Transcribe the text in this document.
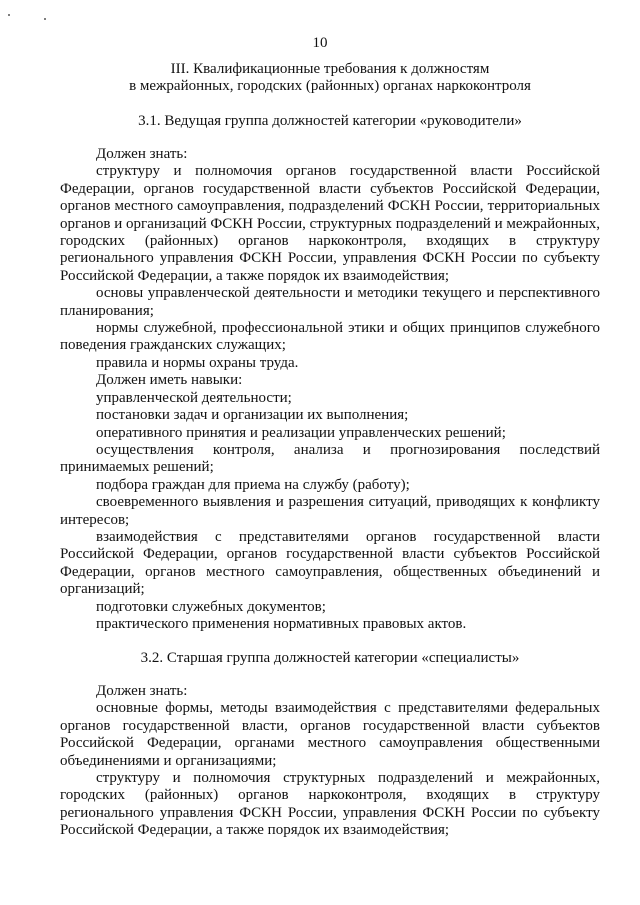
10
III. Квалификационные требования к должностям
в межрайонных, городских (районных) органах наркоконтроля
3.1. Ведущая группа должностей категории «руководители»

Должен знать:

структуру и полномочия органов государственной власти Российской Федерации, органов государственной власти субъектов Российской Федерации, органов местного самоуправления, подразделений ФСКН России, территориальных органов и организаций ФСКН России, структурных подразделений и межрайонных, городских (районных) органов наркоконтроля, входящих в структуру регионального управления ФСКН России, управления ФСКН России по субъекту Российской Федерации, а также порядок их взаимодействия;

основы управленческой деятельности и методики текущего и перспективного планирования;

нормы служебной, профессиональной этики и общих принципов служебного поведения гражданских служащих;

правила и нормы охраны труда.

Должен иметь навыки:

управленческой деятельности;

постановки задач и организации их выполнения;

оперативного принятия и реализации управленческих решений;

осуществления контроля, анализа и прогнозирования последствий принимаемых решений;

подбора граждан для приема на службу (работу);

своевременного выявления и разрешения ситуаций, приводящих к конфликту интересов;

взаимодействия с представителями органов государственной власти Российской Федерации, органов государственной власти субъектов Российской Федерации, органов местного самоуправления, общественных объединений и организаций;

подготовки служебных документов;

практического применения нормативных правовых актов.

3.2. Старшая группа должностей категории «специалисты»

Должен знать:

основные формы, методы взаимодействия с представителями федеральных органов государственной власти, органов государственной власти субъектов Российской Федерации, органами местного самоуправления общественными объединениями и организациями;

структуру и полномочия структурных подразделений и межрайонных, городских (районных) органов наркоконтроля, входящих в структуру регионального управления ФСКН России, управления ФСКН России по субъекту Российской Федерации, а также порядок их взаимодействия;
